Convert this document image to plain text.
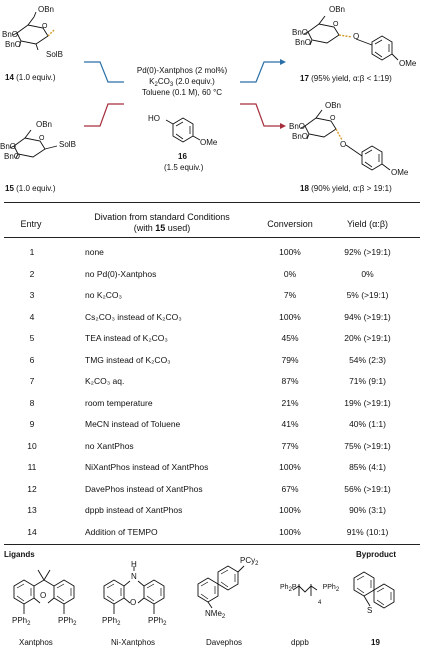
OBn
BnO
BnO
O
SolB
14 (1.0 equiv.)
OBn
BnO
BnO
O
SolB
15 (1.0 equiv.)
Pd(0)-Xantphos (2 mol%)
$K_2CO_3$ (2.0 equiv.)
Toluene (0.1 M), 60 °C
HO
OMe
16
(1.5 equiv.)
OBn
BnO
BnO
O
O
OMe
17 (95% yield, α:β < 1:19)
OBn
BnO
BnO
O
O
OMe
18 (90% yield, α:β > 19:1)
Entry
Divation from standard Conditions
(with 15 used)	Conversion	Yield (α:β)
1	none	100%	92% (>19:1)
2	no Pd(0)-Xantphos	0%	0%
3	no K₂CO₃	7%	5% (>19:1)
4	Cs₂CO₃ instead of K₂CO₃	100%	94% (>19:1)
5	TEA instead of K₂CO₃	45%	20% (>19:1)
6	TMG instead of K₂CO₃	79%	54% (2:3)
7	K₂CO₃ aq.	87%	71% (9:1)
8	room temperature	21%	19% (>19:1)
9	MeCN instead of Toluene	41%	40% (1:1)
10	no XantPhos	77%	75% (>19:1)
11	NiXantPhos instead of XantPhos	100%	85% (4:1)
12	DavePhos instead of XantPhos	67%	56% (>19:1)
13	dppb instead of XantPhos	100%	90% (3:1)
14	Addition of TEMPO	100%	91% (10:1)
Ligands	Byproduct
O
PPh$_2$	PPh$_2$
Xantphos
H
N
O
PPh$_2$	PPh$_2$
Ni-Xantphos
PCy$_2$
NMe$_2$
Davephos
Ph2P	PPh2
4
dppb
S
19
